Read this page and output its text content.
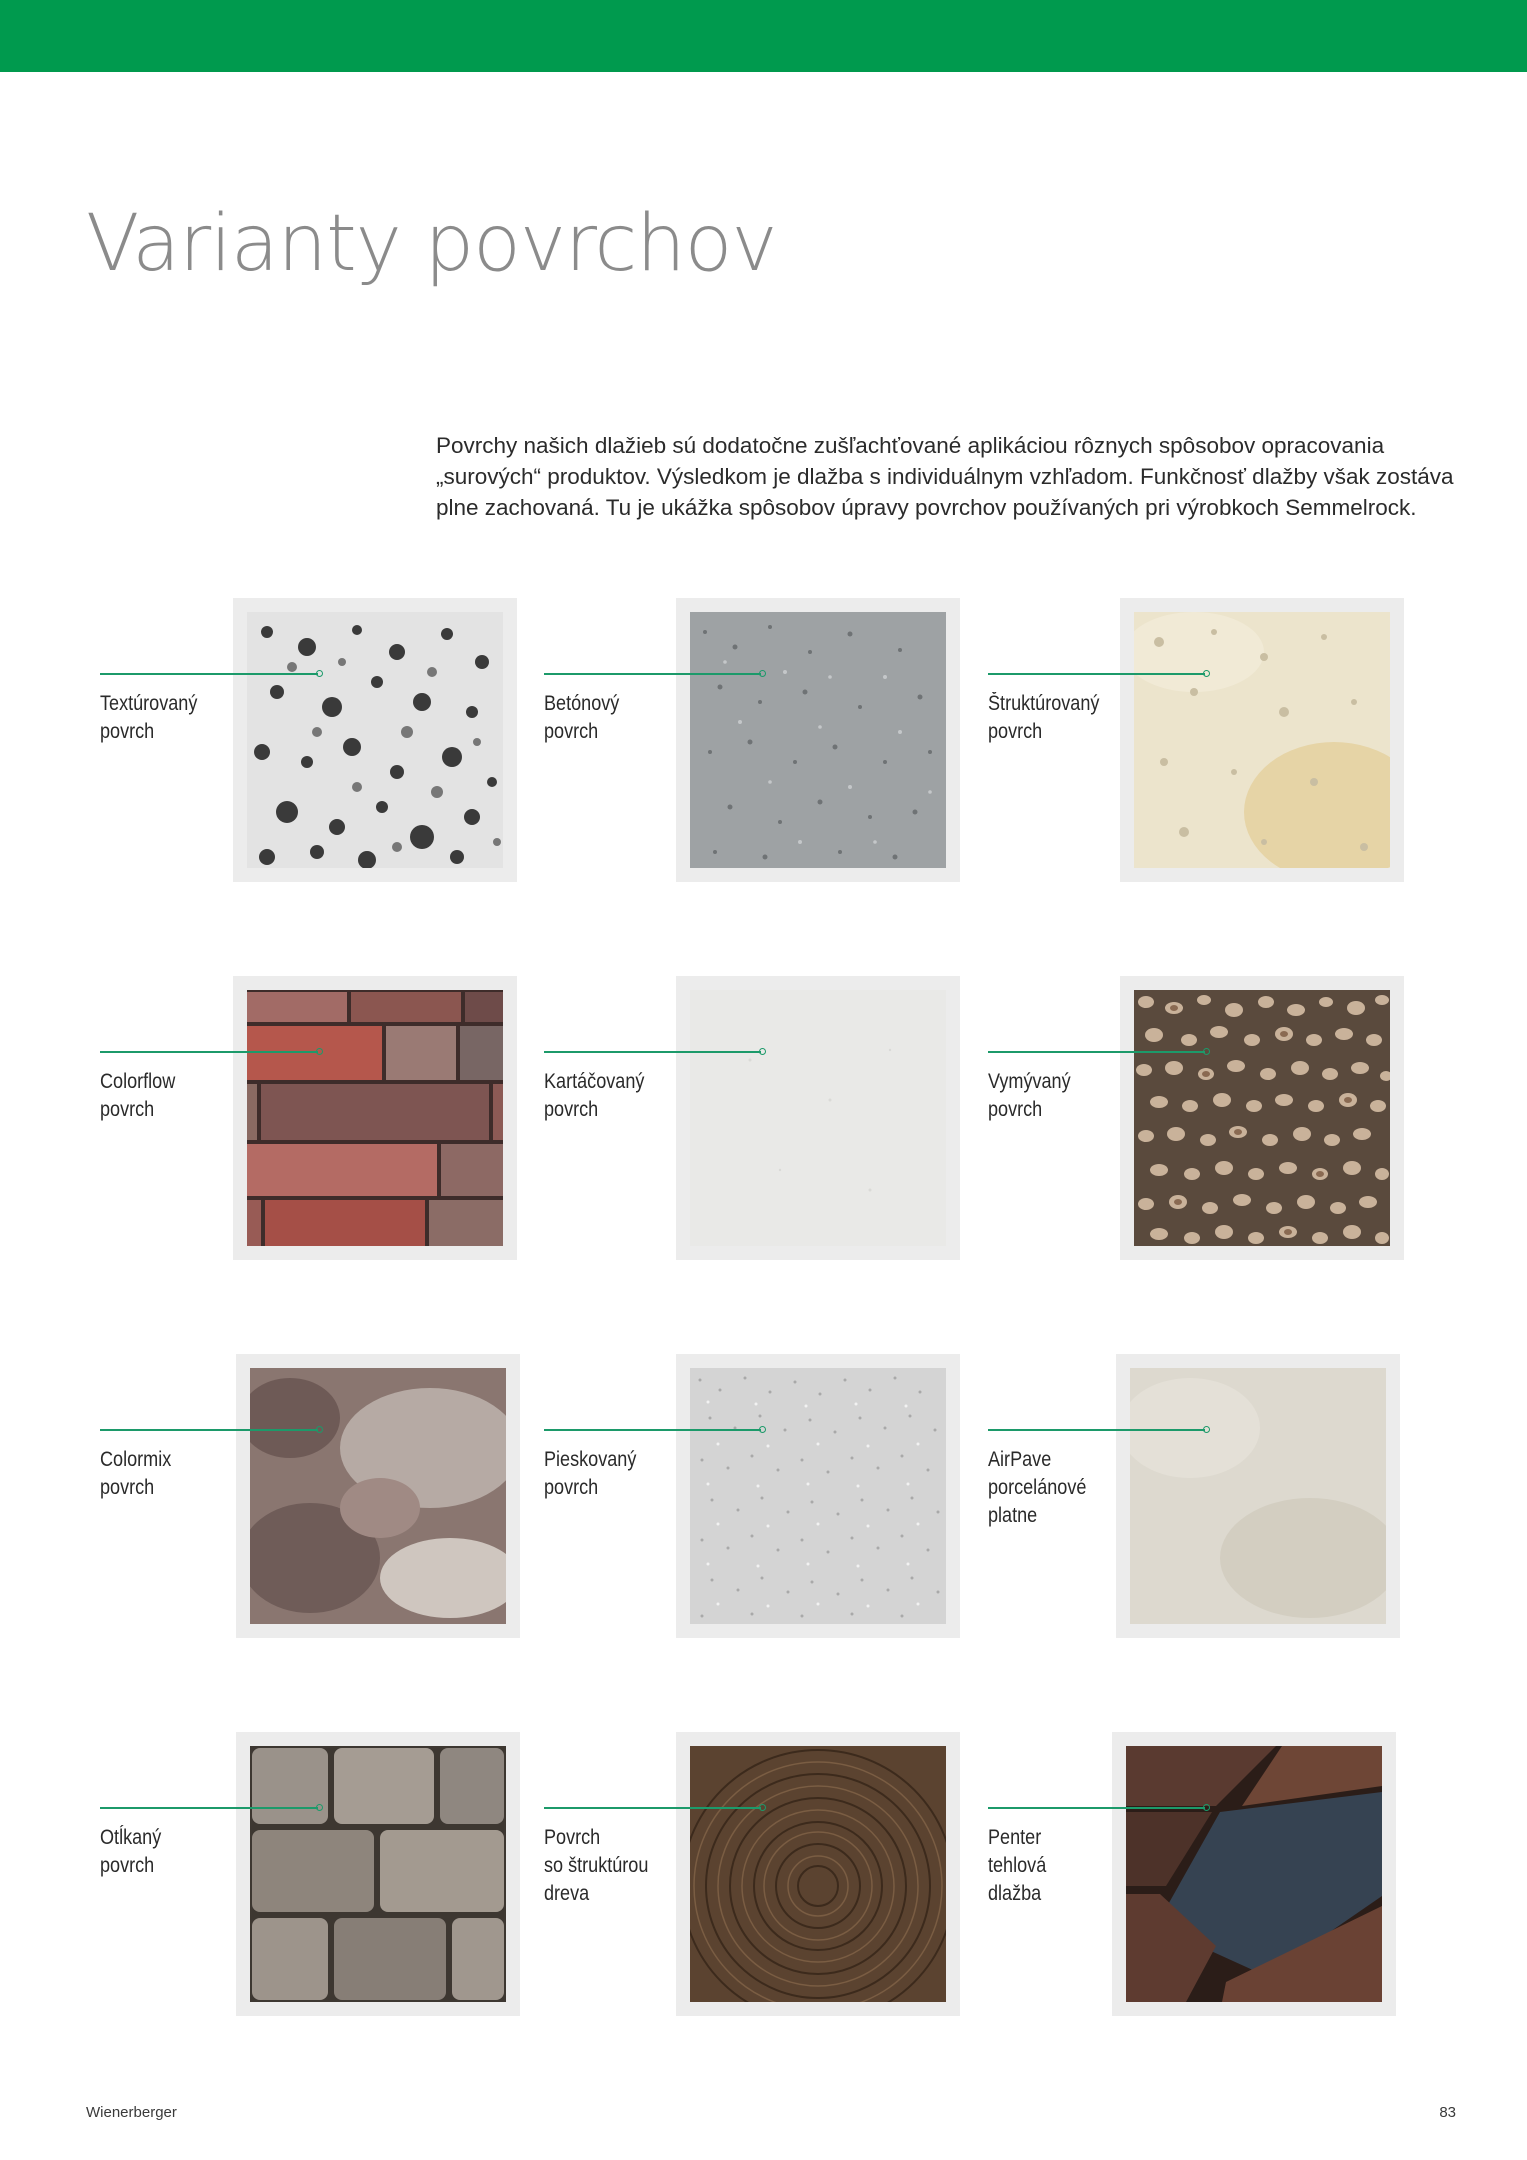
Varianty povrchov

Povrchy našich dlažieb sú dodatočne zušľachťované aplikáciou rôznych spôsobov opracovania „surových“ produktov. Výsledkom je dlažba s individuálnym vzhľadom. Funkčnosť dlažby však zostáva plne zachovaná. Tu je ukážka spôsobov úpravy povrchov používaných pri výrobkoch Semmelrock.

Textúrovaný
povrch
Betónový
povrch
Štruktúrovaný
povrch
Colorflow
povrch
Kartáčovaný
povrch
Vymývaný
povrch
Colormix
povrch
Pieskovaný
povrch
AirPave
porcelánové
platne
Otĺkaný
povrch
Povrch
so štruktúrou
dreva
Penter
tehlová
dlažba
Wienerberger	83
